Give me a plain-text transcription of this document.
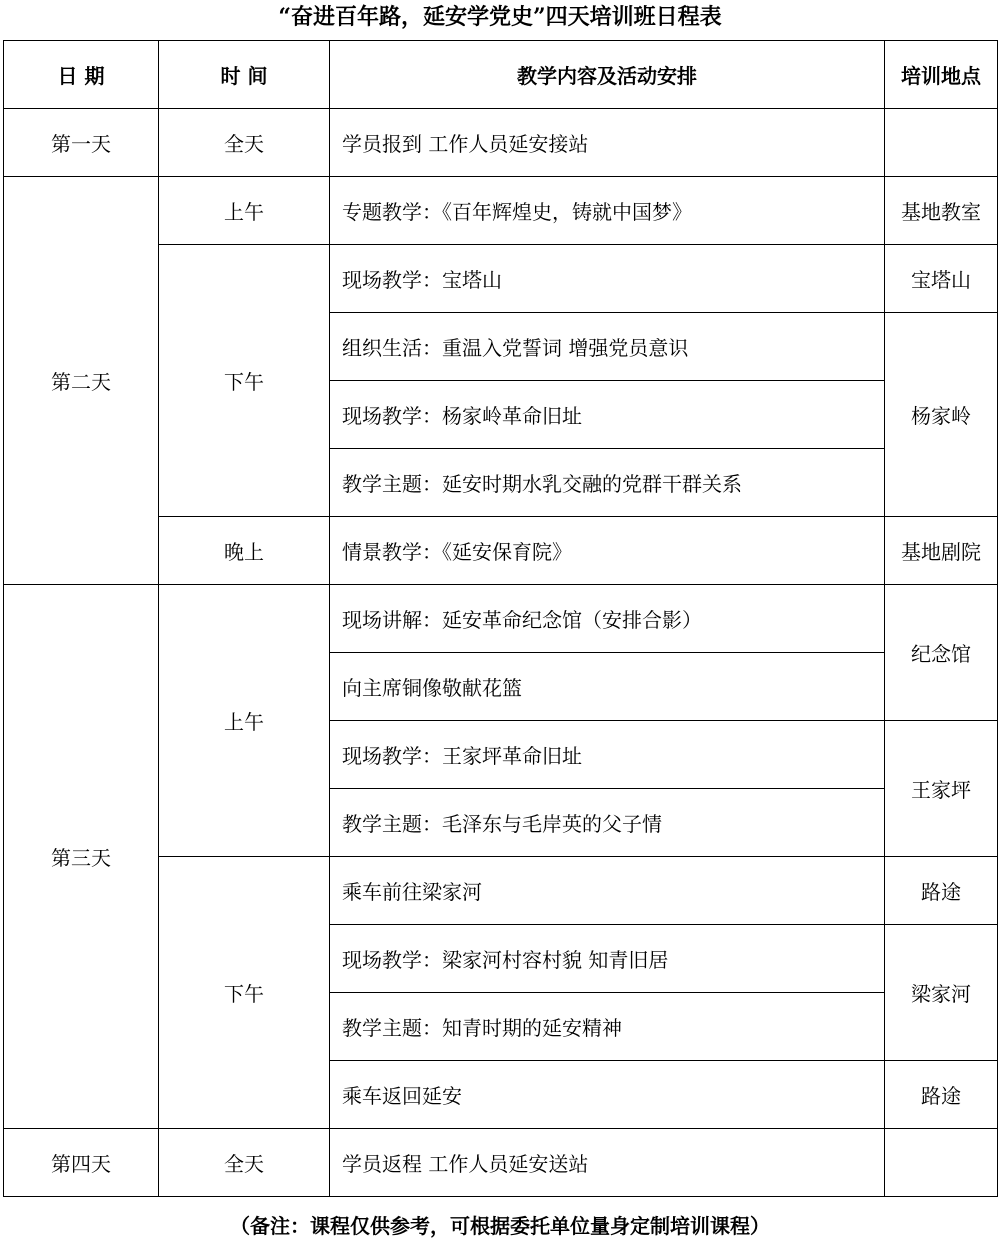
“奋进百年路，延安学党史”四天培训班日程表
日 期	时 间	教学内容及活动安排	培训地点
第一天	全天	学员报到 工作人员延安接站	
第二天	上午	专题教学：《百年辉煌史，铸就中国梦》	基地教室
	下午	现场教学：宝塔山	宝塔山
		组织生活：重温入党誓词 增强党员意识	杨家岭
		现场教学：杨家岭革命旧址	
		教学主题：延安时期水乳交融的党群干群关系	
	晚上	情景教学：《延安保育院》	基地剧院
第三天	上午	现场讲解：延安革命纪念馆（安排合影）	纪念馆
		向主席铜像敬献花篮	
		现场教学：王家坪革命旧址	王家坪
		教学主题：毛泽东与毛岸英的父子情	
	下午	乘车前往梁家河	路途
		现场教学：梁家河村容村貌 知青旧居	梁家河
		教学主题：知青时期的延安精神	
		乘车返回延安	路途
第四天	全天	学员返程 工作人员延安送站	
（备注：课程仅供参考，可根据委托单位量身定制培训课程）
